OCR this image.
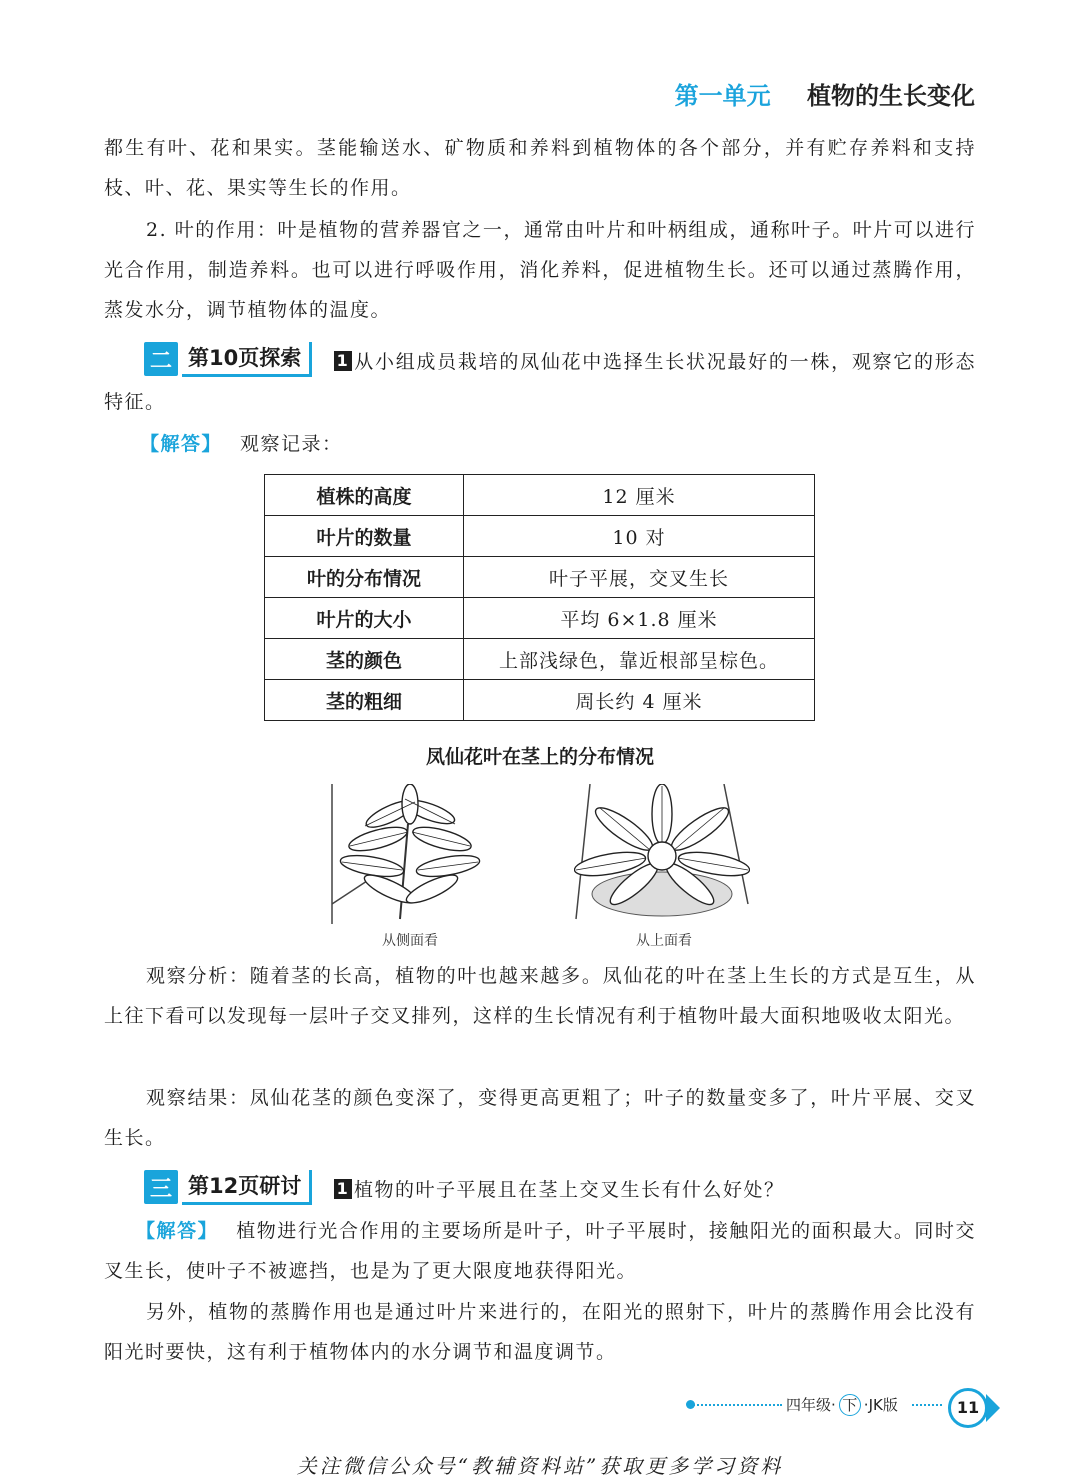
第一单元 植物的生长变化

都生有叶、花和果实。茎能输送水、矿物质和养料到植物体的各个部分，并有贮存养料和支持枝、叶、花、果实等生长的作用。

2. 叶的作用：叶是植物的营养器官之一，通常由叶片和叶柄组成，通称叶子。叶片可以进行光合作用，制造养料。也可以进行呼吸作用，消化养料，促进植物生长。还可以通过蒸腾作用，蒸发水分，调节植物体的温度。

二 第10页探索	1 从小组成员栽培的凤仙花中选择生长状况最好的一株，观察它的形态特征。

【解答】 观察记录：

植株的高度	12 厘米
叶片的数量	10 对
叶的分布情况	叶子平展，交叉生长
叶片的大小	平均 6×1.8 厘米
茎的颜色	上部浅绿色，靠近根部呈棕色。
茎的粗细	周长约 4 厘米
凤仙花叶在茎上的分布情况
从侧面看	从上面看

观察分析：随着茎的长高，植物的叶也越来越多。凤仙花的叶在茎上生长的方式是互生，从上往下看可以发现每一层叶子交叉排列，这样的生长情况有利于植物叶最大面积地吸收太阳光。

观察结果：凤仙花茎的颜色变深了，变得更高更粗了；叶子的数量变多了，叶片平展、交叉生长。

三 第12页研讨	1 植物的叶子平展且在茎上交叉生长有什么好处？

【解答】 植物进行光合作用的主要场所是叶子，叶子平展时，接触阳光的面积最大。同时交叉生长，使叶子不被遮挡，也是为了更大限度地获得阳光。

另外，植物的蒸腾作用也是通过叶片来进行的，在阳光的照射下，叶片的蒸腾作用会比没有阳光时要快，这有利于植物体内的水分调节和温度调节。

四年级· 下 ·JK版	11
关注微信公众号“教辅资料站”获取更多学习资料
